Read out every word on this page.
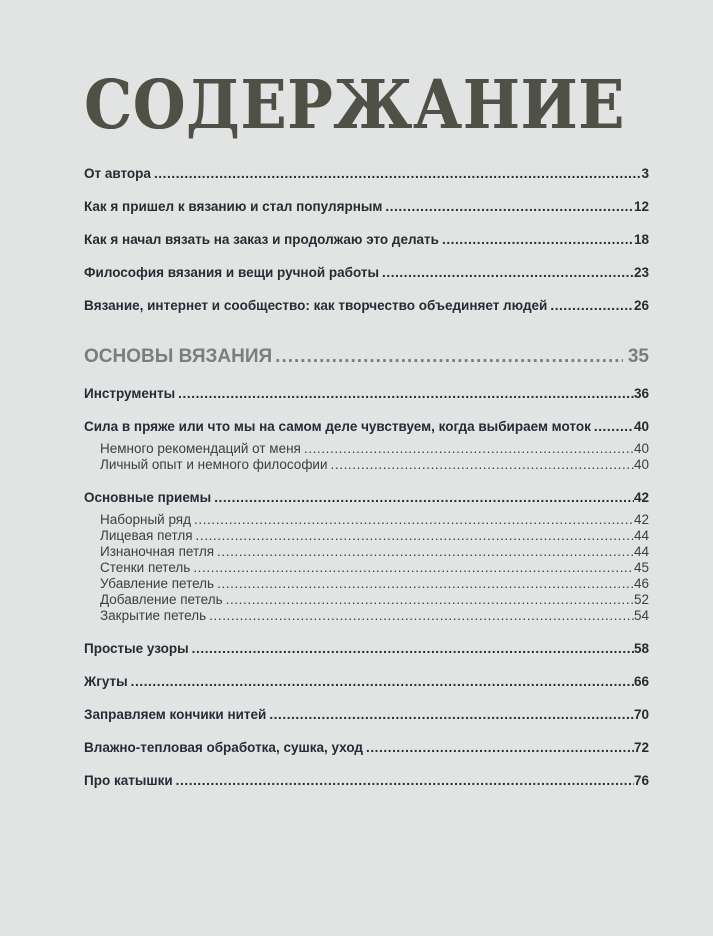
СОДЕРЖАНИЕ
От автора .....	3
Как я пришел к вязанию и стал популярным .....	12
Как я начал вязать на заказ и продолжаю это делать .....	18
Философия вязания и вещи ручной работы .....	23
Вязание, интернет и сообщество: как творчество объединяет людей .....	26
ОСНОВЫ ВЯЗАНИЯ .....	35
Инструменты .....	36
Сила в пряже или что мы на самом деле чувствуем, когда выбираем моток .....	40
Немного рекомендаций от меня .....	40
Личный опыт и немного философии .....	40
Основные приемы .....	42
Наборный ряд .....	42
Лицевая петля .....	44
Изнаночная петля .....	44
Стенки петель .....	45
Убавление петель .....	46
Добавление петель .....	52
Закрытие петель .....	54
Простые узоры .....	58
Жгуты .....	66
Заправляем кончики нитей .....	70
Влажно-тепловая обработка, сушка, уход .....	72
Про катышки .....	76
